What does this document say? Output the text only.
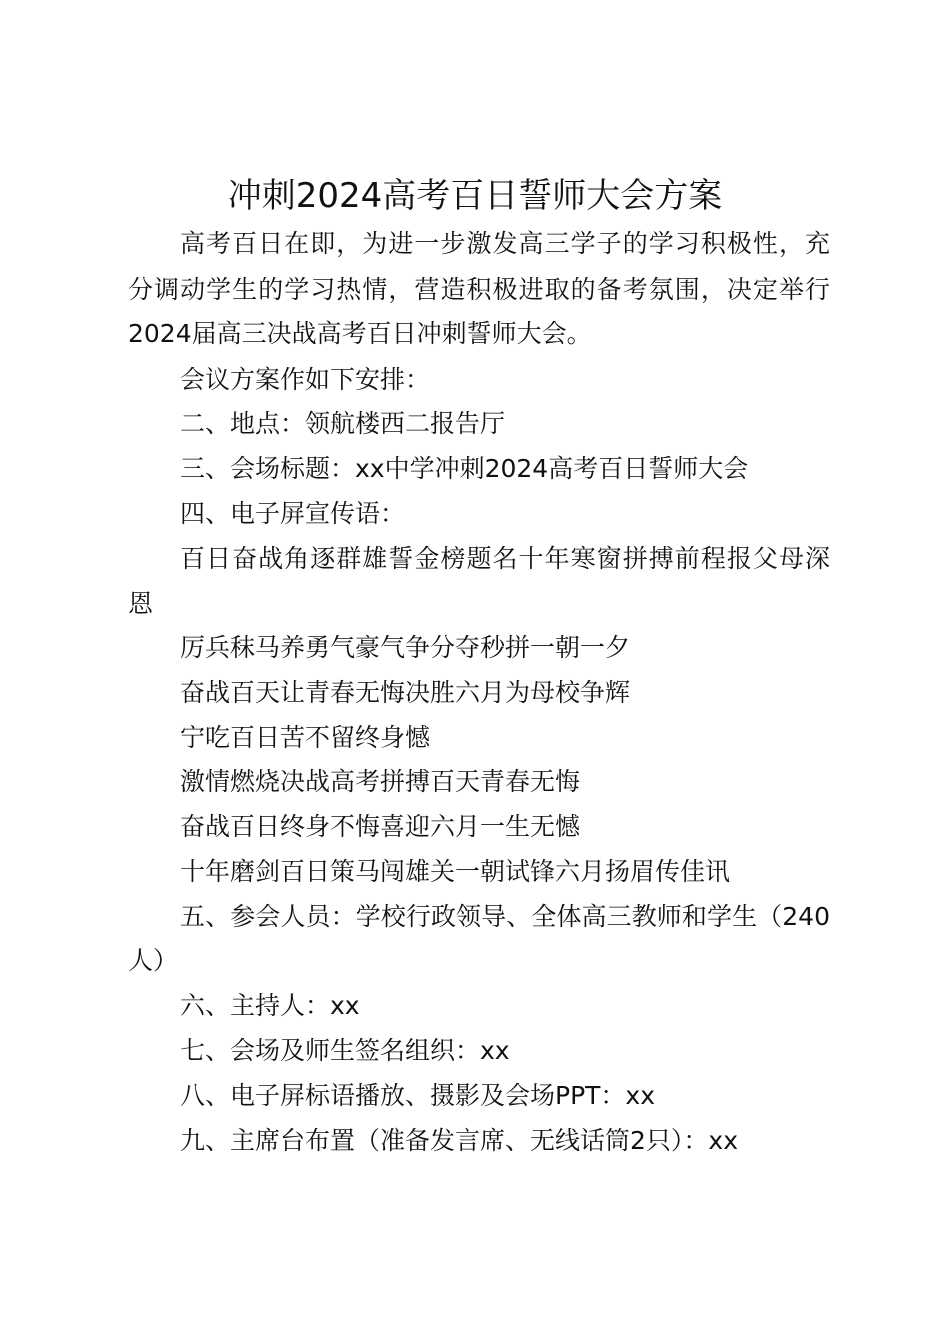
冲刺2024高考百日誓师大会方案
高考百日在即，为进一步激发高三学子的学习积极性，充
分调动学生的学习热情，营造积极进取的备考氛围，决定举行
2024届高三决战高考百日冲刺誓师大会。
会议方案作如下安排：
二、地点：领航楼西二报告厅
三、会场标题：xx中学冲刺2024高考百日誓师大会
四、电子屏宣传语：
百日奋战角逐群雄誓金榜题名十年寒窗拼搏前程报父母深
恩
厉兵秣马养勇气豪气争分夺秒拼一朝一夕
奋战百天让青春无悔决胜六月为母校争辉
宁吃百日苦不留终身憾
激情燃烧决战高考拼搏百天青春无悔
奋战百日终身不悔喜迎六月一生无憾
十年磨剑百日策马闯雄关一朝试锋六月扬眉传佳讯
五、参会人员：学校行政领导、全体高三教师和学生（240
人）
六、主持人：xx
七、会场及师生签名组织：xx
八、电子屏标语播放、摄影及会场PPT：xx
九、主席台布置（准备发言席、无线话筒2只）：xx
